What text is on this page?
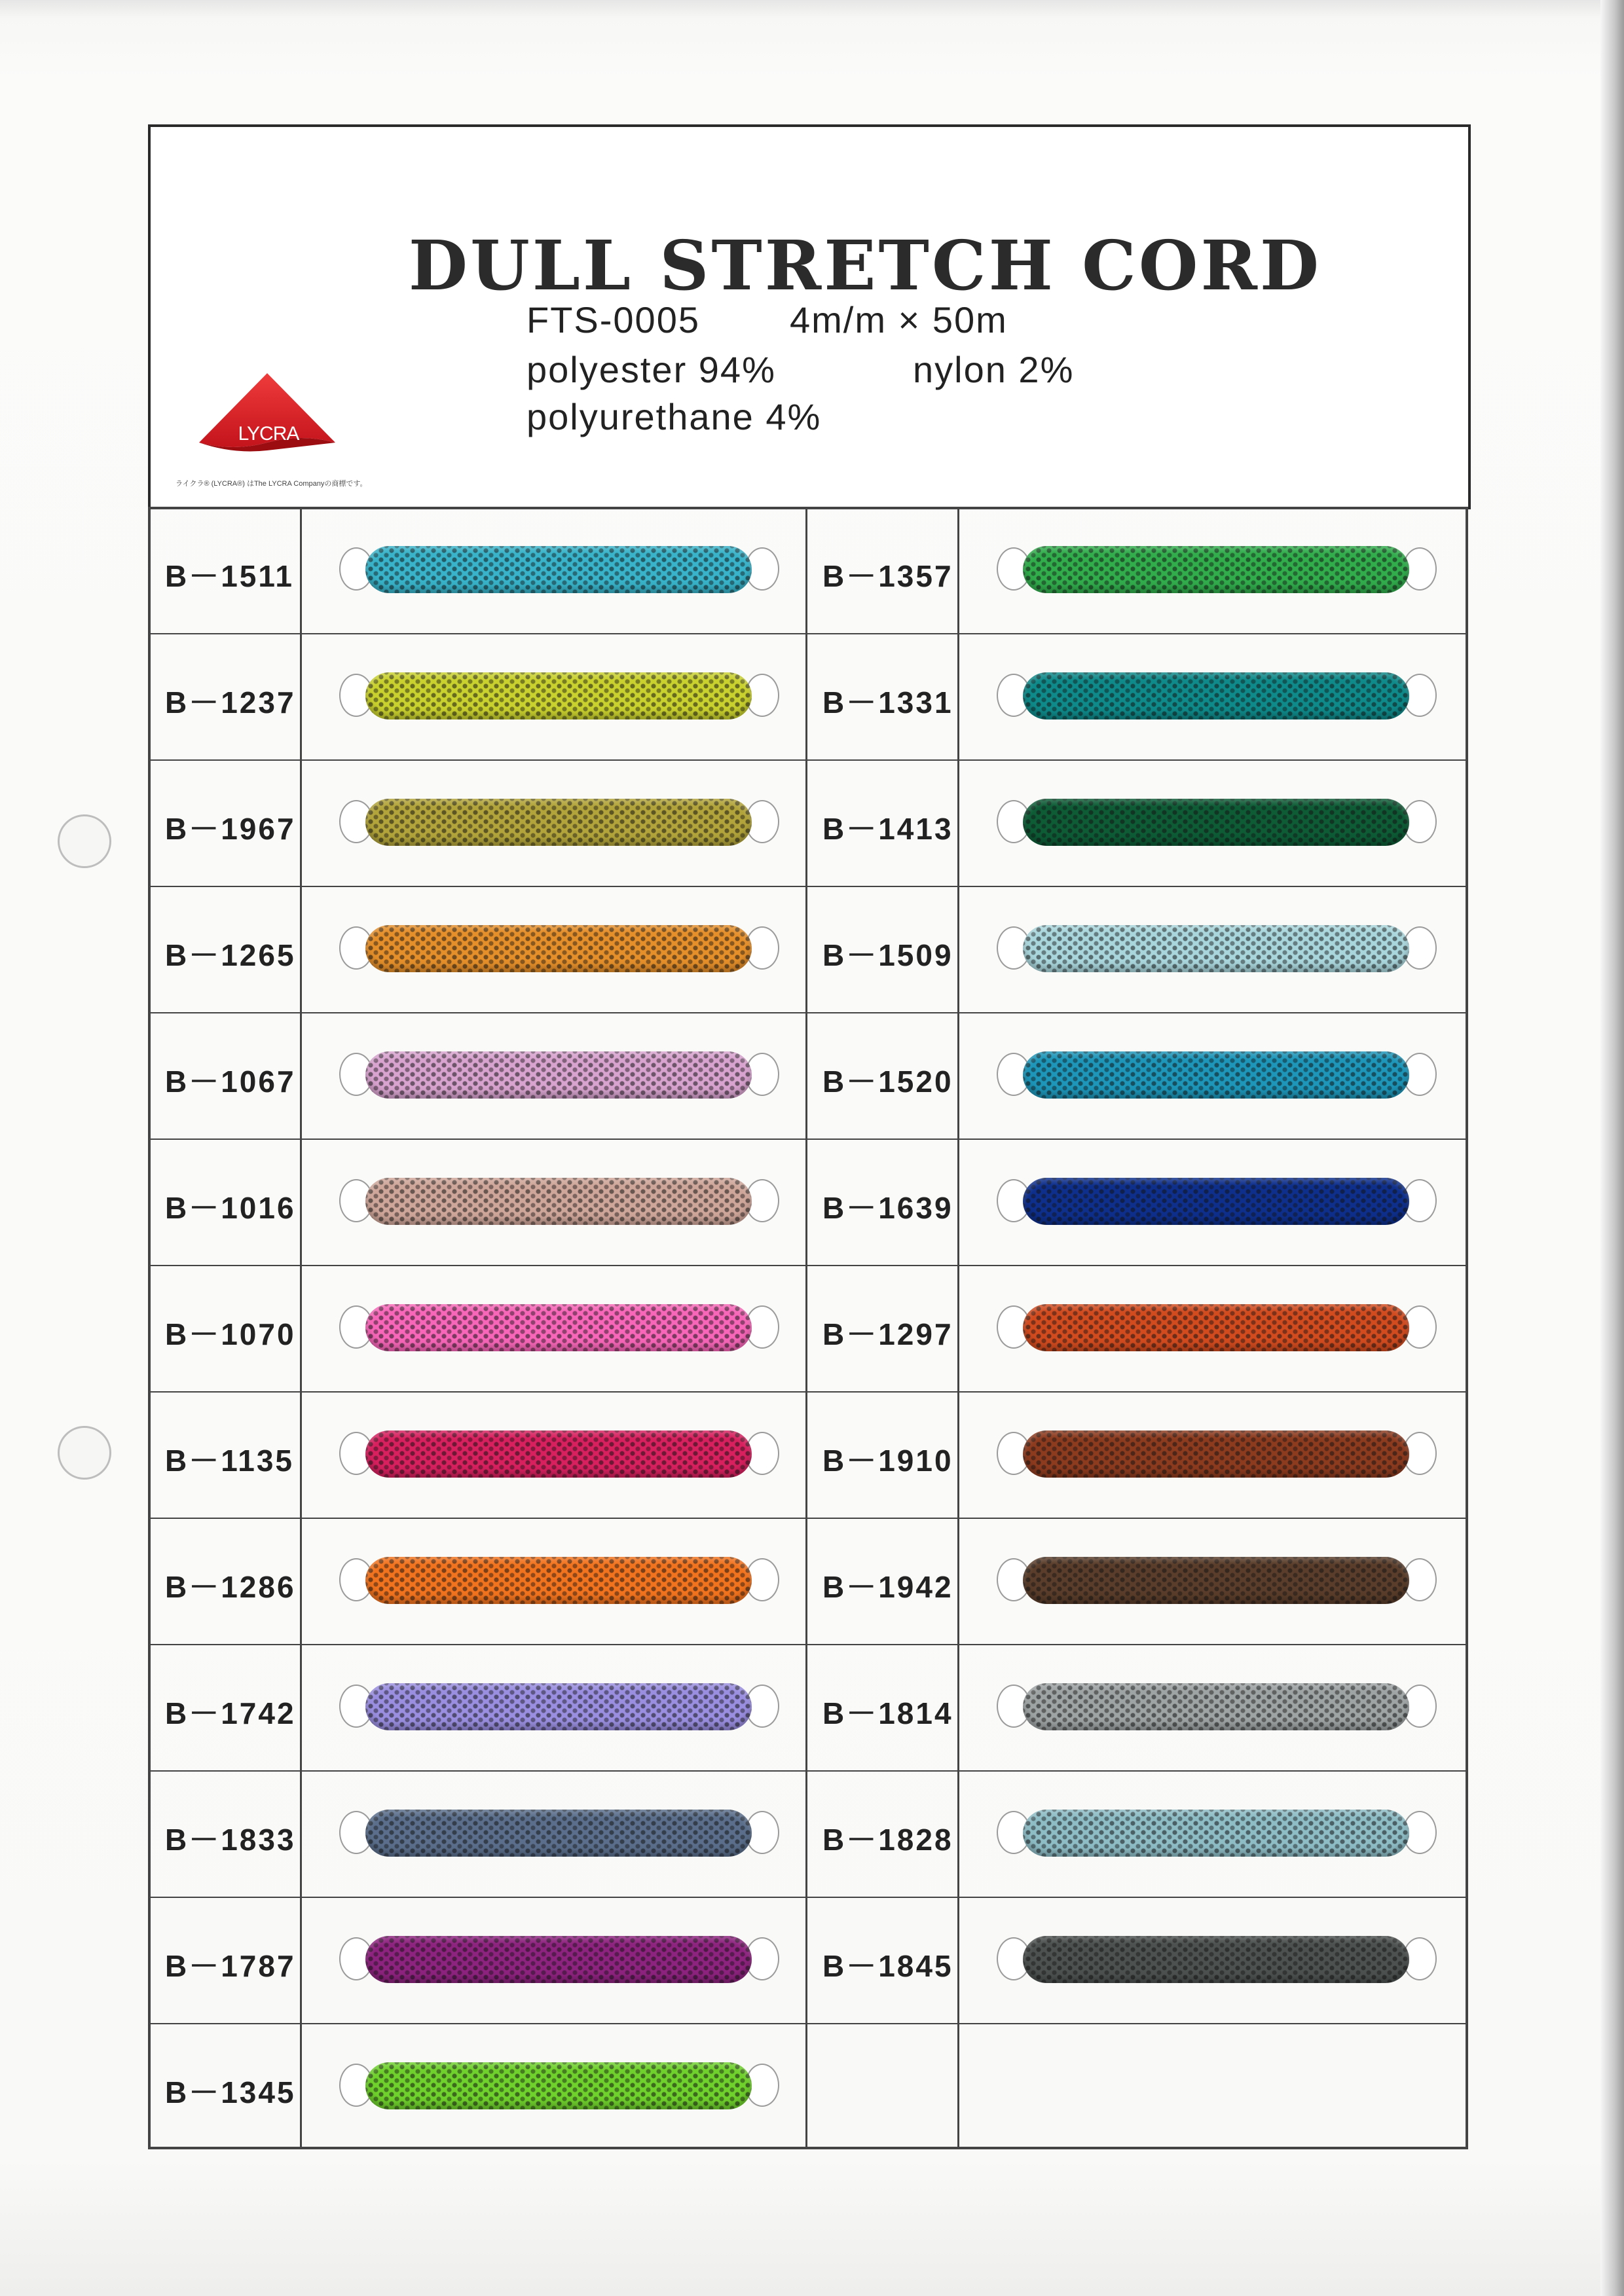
DULL STRETCH CORD
FTS-0005 4m/m × 50m
polyester 94%	nylon 2%
polyurethane 4%
LYCRA
ライクラ® (LYCRA®) はThe LYCRA Companyの商標です。
B－1511
B－1237
B－1967
B－1265
B－1067
B－1016
B－1070
B－1135
B－1286
B－1742
B－1833
B－1787
B－1345
B－1357
B－1331
B－1413
B－1509
B－1520
B－1639
B－1297
B－1910
B－1942
B－1814
B－1828
B－1845
